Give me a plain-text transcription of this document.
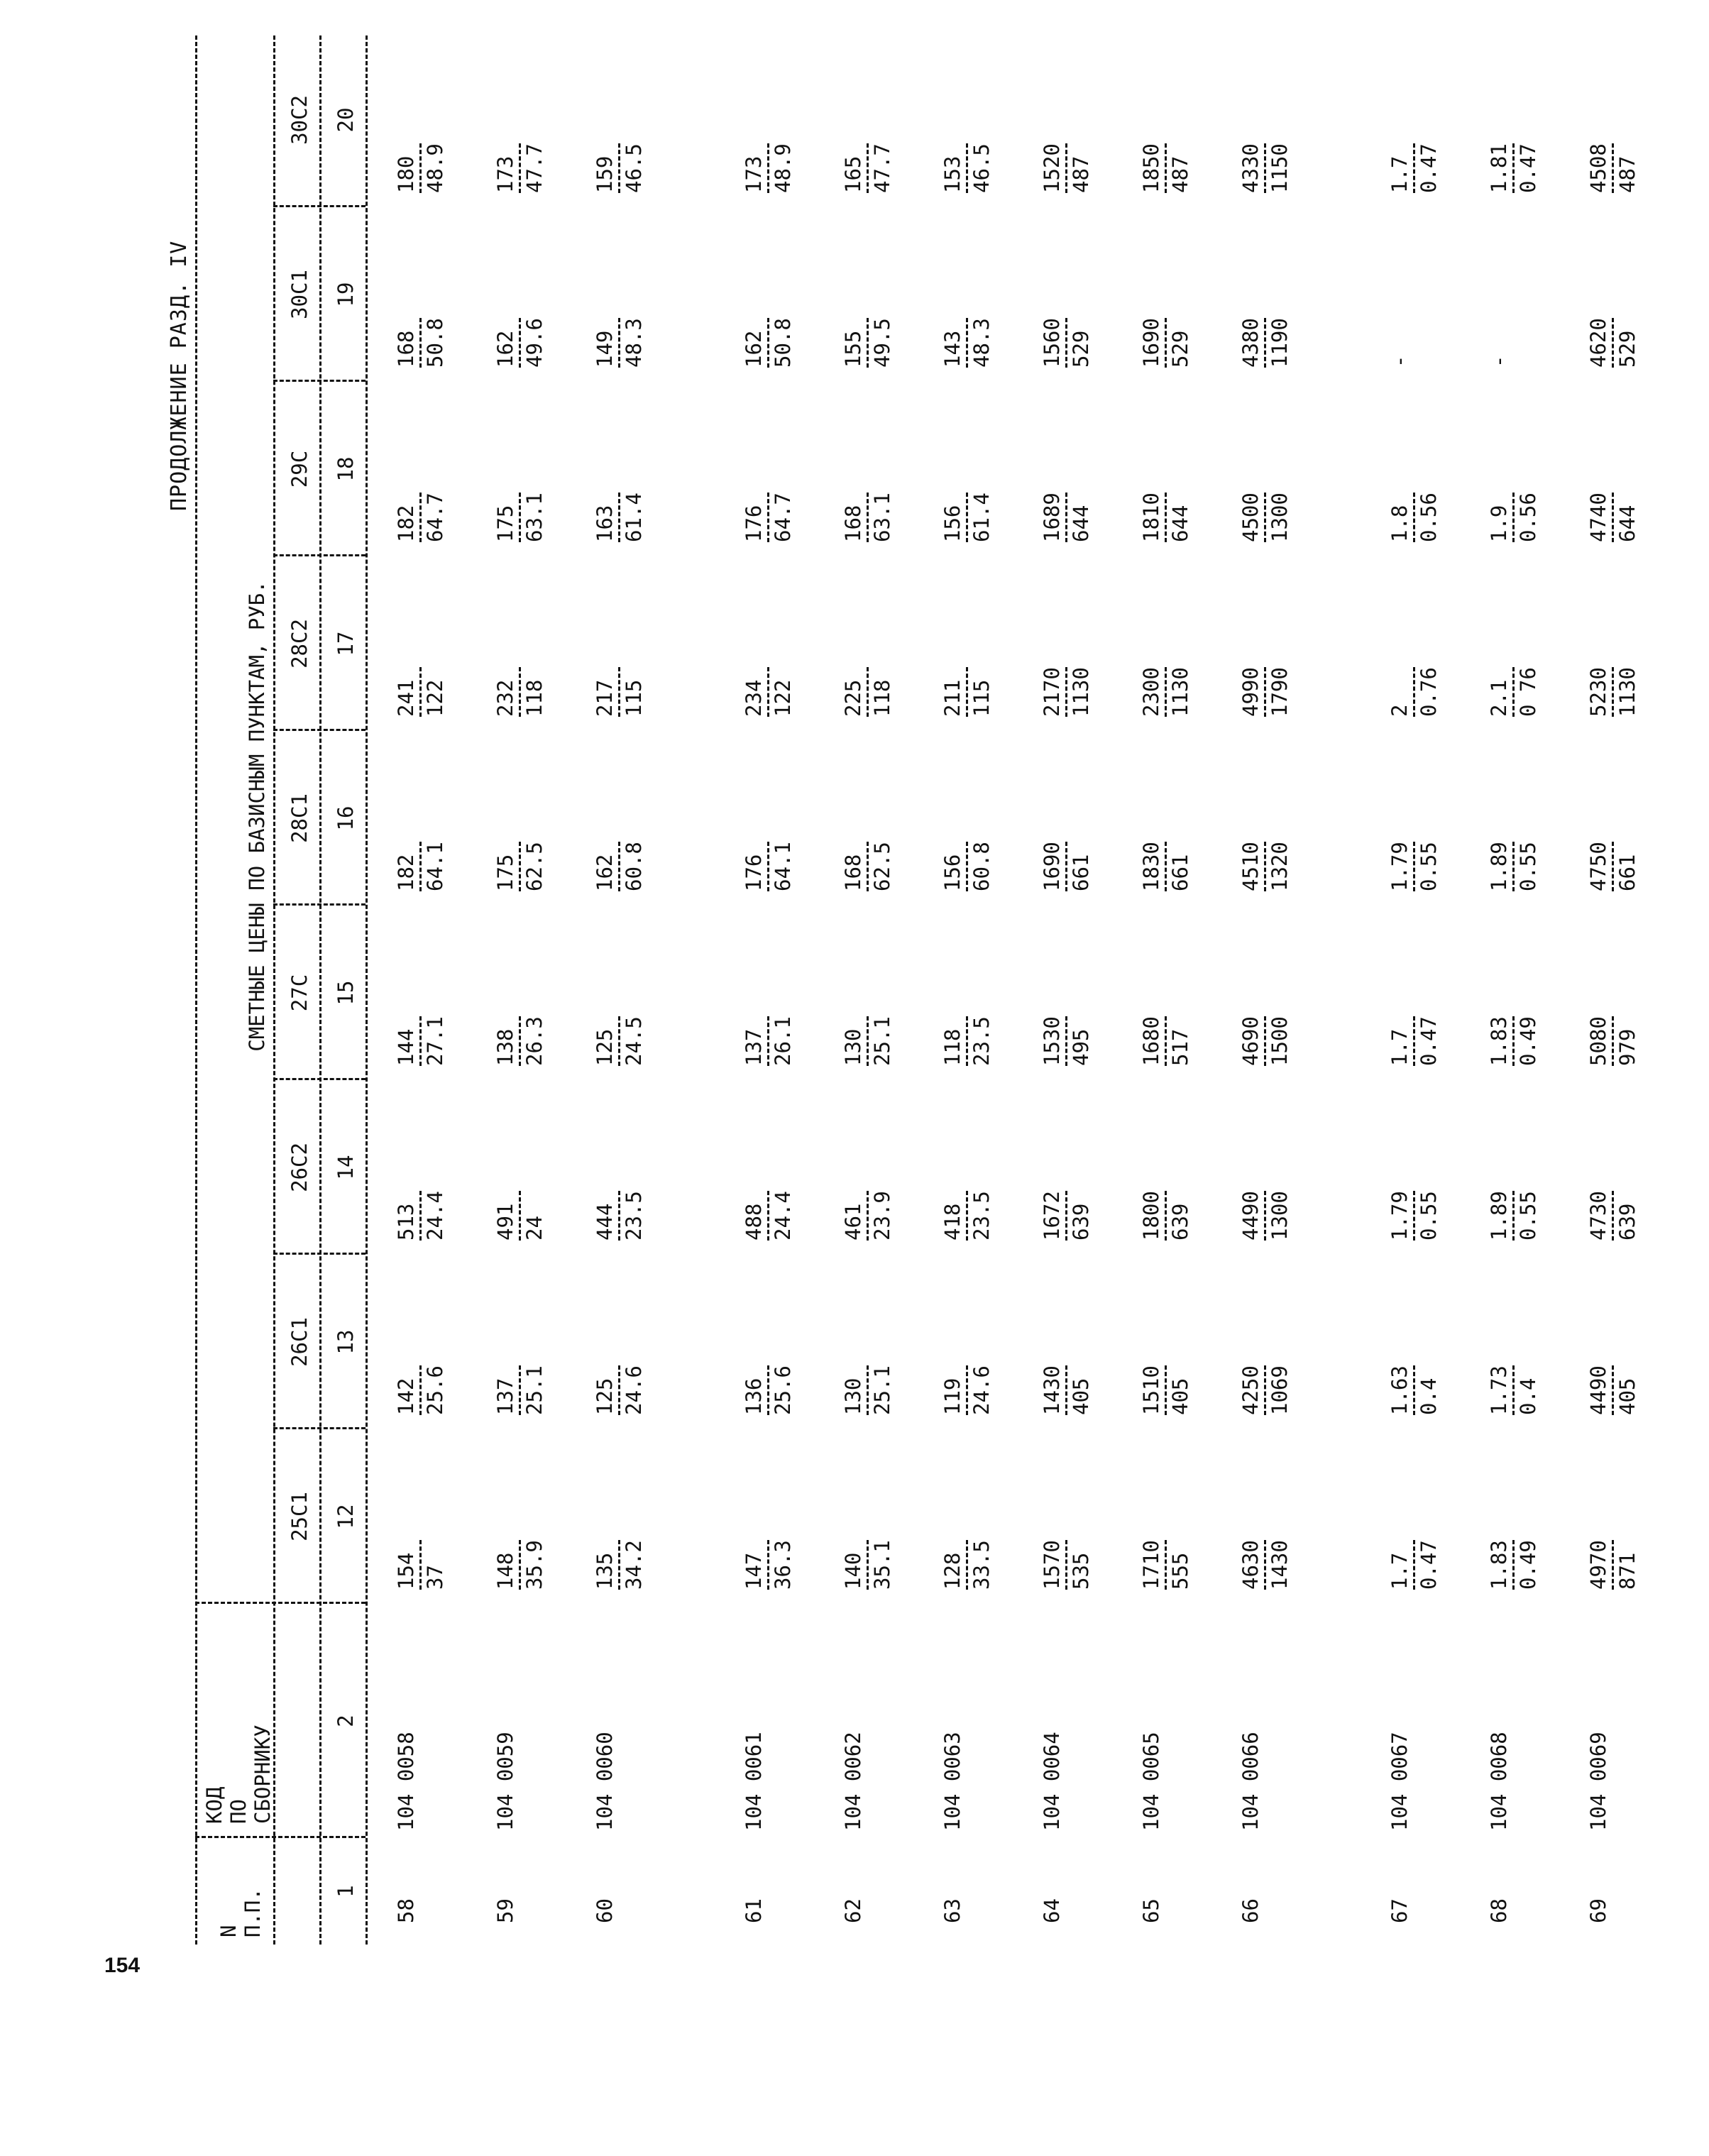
ПРОДОЛЖЕНИЕ РАЗД. IV
154
N
П.П.
КОД
ПО
СБОРНИКУ
СМЕТНЫЕ ЦЕНЫ ПО БАЗИСНЫМ ПУНКТАМ, РУБ.
25С1 12
26С1 13
26С2 14
27С 15
28С1 16
28С2 17
29С 18
30С1 19
30С2 20
1
2
58
104 0058
154 37
142 25.6
513 24.4
144 27.1
182 64.1
241 122
182 64.7
168 50.8
180 48.9
59
104 0059
148 35.9
137 25.1
491 24
138 26.3
175 62.5
232 118
175 63.1
162 49.6
173 47.7
60
104 0060
135 34.2
125 24.6
444 23.5
125 24.5
162 60.8
217 115
163 61.4
149 48.3
159 46.5
61
104 0061
147 36.3
136 25.6
488 24.4
137 26.1
176 64.1
234 122
176 64.7
162 50.8
173 48.9
62
104 0062
140 35.1
130 25.1
461 23.9
130 25.1
168 62.5
225 118
168 63.1
155 49.5
165 47.7
63
104 0063
128 33.5
119 24.6
418 23.5
118 23.5
156 60.8
211 115
156 61.4
143 48.3
153 46.5
64
104 0064
1570 535
1430 405
1672 639
1530 495
1690 661
2170 1130
1689 644
1560 529
1520 487
65
104 0065
1710 555
1510 405
1800 639
1680 517
1830 661
2300 1130
1810 644
1690 529
1850 487
66
104 0066
4630 1430
4250 1069
4490 1300
4690 1500
4510 1320
4990 1790
4500 1300
4380 1190
4330 1150
67
104 0067
1.7 0.47
1.63 0.4
1.79 0.55
1.7 0.47
1.79 0.55
2 0.76
1.8 0.56
-
1.7 0.47
68
104 0068
1.83 0.49
1.73 0.4
1.89 0.55
1.83 0.49
1.89 0.55
2.1 0 76
1.9 0.56
-
1.81 0.47
69
104 0069
4970 871
4490 405
4730 639
5080 979
4750 661
5230 1130
4740 644
4620 529
4508 487
